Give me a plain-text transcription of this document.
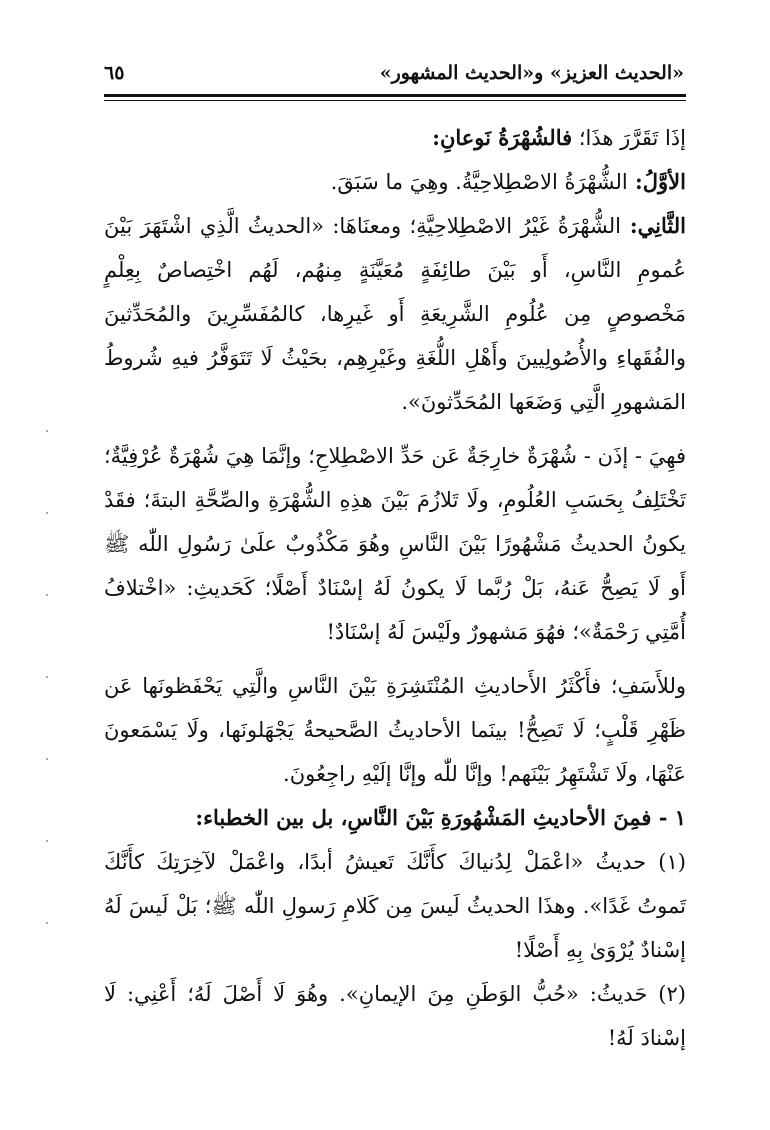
«الحديث العزيز» و«الحديث المشهور»
٦٥

إذَا تَقَرَّرَ هذَا؛ فالشُهْرَةُ نَوعانِ:

الأوَّلُ: الشُّهْرَةُ الاصْطِلاحِيَّةُ. وهِيَ ما سَبَقَ.

الثَّانِي: الشُّهْرَةُ غَيْرُ الاصْطِلاحِيَّةِ؛ ومعنَاهَا: «الحديثُ الَّذِي اشْتَهَرَ بَيْنَ عُمومِ النَّاسِ، أَو بَيْنَ طائِفَةٍ مُعَيَّنَةٍ مِنهُم، لَهُم اخْتِصاصٌ بِعِلْمٍ مَخْصوصٍ مِن عُلُومِ الشَّرِيعَةِ أَو غَيرِها، كالمُفَسِّرِينَ والمُحَدِّثينَ والفُقَهاءِ والأُصُولِيينَ وأَهْلِ اللُّغَةِ وغَيْرِهِم، بحَيْثُ لَا تَتَوَفَّرُ فيهِ شُروطُ المَشهورِ الَّتِي وَضَعَها المُحَدِّثونَ».

فهِيَ - إذَن - شُهْرَةٌ خارِجَةٌ عَن حَدِّ الاصْطِلاحِ؛ وإنَّمَا هِيَ شُهْرَةٌ عُرْفِيَّةٌ؛ تَخْتَلِفُ بِحَسَبِ العُلُومِ، ولَا تَلازُمَ بَيْنَ هذِهِ الشُّهْرَةِ والصِّحَّةِ البتةَ؛ فقَدْ يكونُ الحديثُ مَشْهُورًا بَيْنَ النَّاسِ وهُوَ مَكْذُوبٌ علَىٰ رَسُولِ اللّٰه ﷺ أَو لَا يَصِحُّ عَنهُ، بَلْ رُبَّما لَا يكونُ لَهُ إسْنَادٌ أَصْلًا؛ كَحَديثِ: «اخْتلافُ أُمَّتِي رَحْمَةٌ»؛ فهُوَ مَشهورٌ ولَيْسَ لَهُ إسْنَادٌ!

وللأَسَفِ؛ فأَكْثَرُ الأَحاديثِ المُنْتَشِرَةِ بَيْنَ النَّاسِ والَّتِي يَحْفَظونَها عَن ظَهْرِ قَلْبٍ؛ لَا تَصِحُّ! بينَما الأحاديثُ الصَّحيحةُ يَجْهَلونَها، ولَا يَسْمَعونَ عَنْهَا، ولَا تَشْتَهِرُ بَيْنَهم! وإنَّا للّٰه وإنَّا إلَيْهِ راجِعُونَ.

١ - فمِنَ الأحاديثِ المَشْهُورَةِ بَيْنَ النَّاسِ، بل بين الخطباء:

(١) حديثُ «اعْمَلْ لِدُنياكَ كأَنَّكَ تَعيشُ أبدًا، واعْمَلْ لآخِرَتِكَ كأَنَّكَ تَموتُ غَدًا». وهذَا الحديثُ لَيسَ مِن كَلامِ رَسولِ اللّٰه ﷺ؛ بَلْ لَيسَ لَهُ إسْنادٌ يُرْوَىٰ بِهِ أَصْلًا!

(٢) حَديثُ: «حُبُّ الوَطَنِ مِنَ الإيمانِ». وهُوَ لَا أَصْلَ لَهُ؛ أَعْنِي: لَا إسْنادَ لَهُ!
